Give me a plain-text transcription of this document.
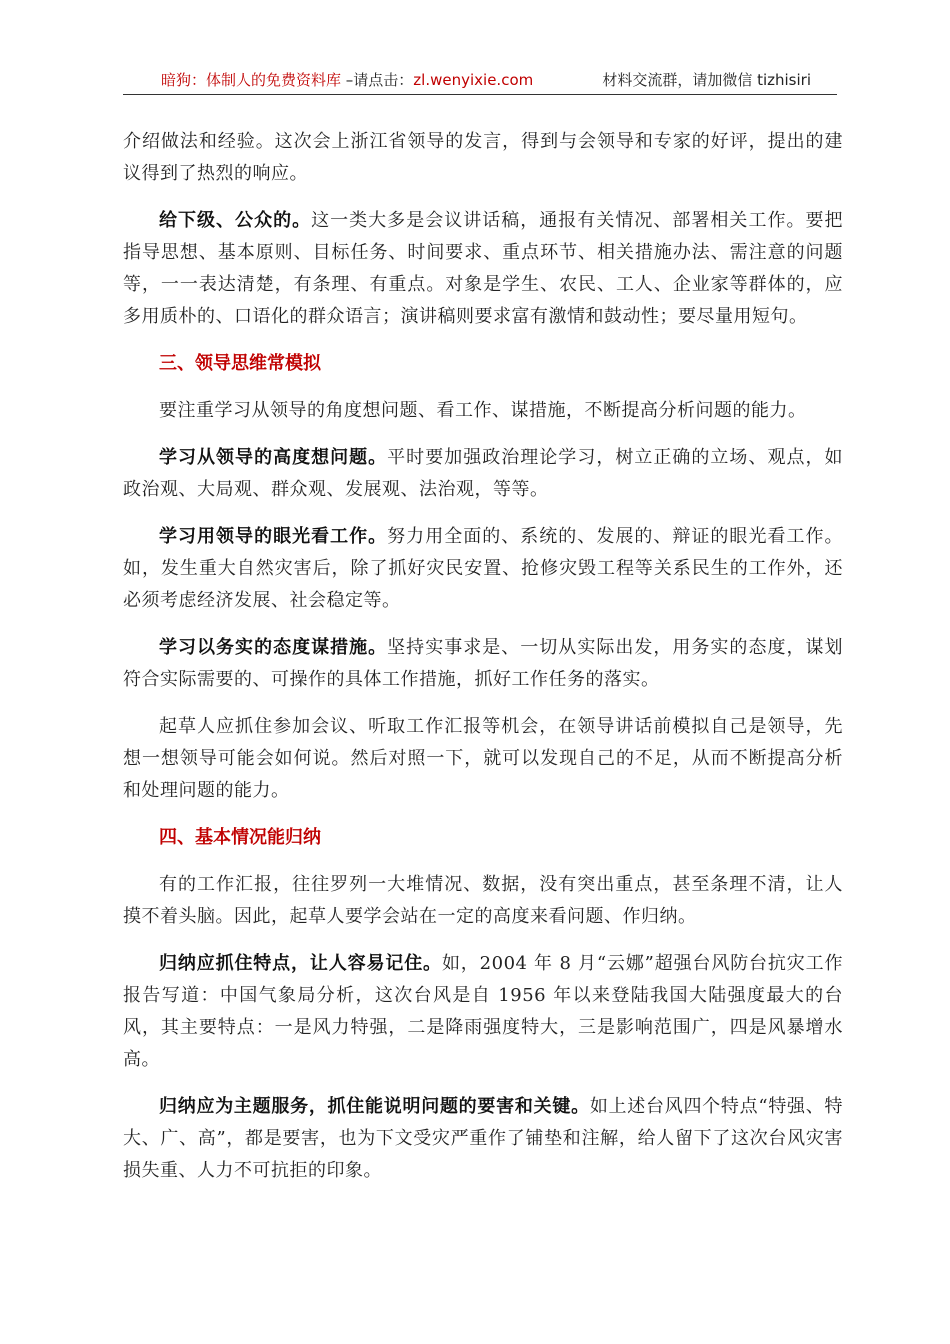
暗狗：体制人的免费资料库 –请点击：zl.wenyixie.com	材料交流群，请加微信 tizhisiri

介绍做法和经验。这次会上浙江省领导的发言，得到与会领导和专家的好评，提出的建议得到了热烈的响应。

给下级、公众的。这一类大多是会议讲话稿，通报有关情况、部署相关工作。要把指导思想、基本原则、目标任务、时间要求、重点环节、相关措施办法、需注意的问题等，一一表达清楚，有条理、有重点。对象是学生、农民、工人、企业家等群体的，应多用质朴的、口语化的群众语言；演讲稿则要求富有激情和鼓动性；要尽量用短句。

三、领导思维常模拟

要注重学习从领导的角度想问题、看工作、谋措施，不断提高分析问题的能力。

学习从领导的高度想问题。平时要加强政治理论学习，树立正确的立场、观点，如政治观、大局观、群众观、发展观、法治观，等等。

学习用领导的眼光看工作。努力用全面的、系统的、发展的、辩证的眼光看工作。如，发生重大自然灾害后，除了抓好灾民安置、抢修灾毁工程等关系民生的工作外，还必须考虑经济发展、社会稳定等。

学习以务实的态度谋措施。坚持实事求是、一切从实际出发，用务实的态度，谋划符合实际需要的、可操作的具体工作措施，抓好工作任务的落实。

起草人应抓住参加会议、听取工作汇报等机会，在领导讲话前模拟自己是领导，先想一想领导可能会如何说。然后对照一下，就可以发现自己的不足，从而不断提高分析和处理问题的能力。

四、基本情况能归纳

有的工作汇报，往往罗列一大堆情况、数据，没有突出重点，甚至条理不清，让人摸不着头脑。因此，起草人要学会站在一定的高度来看问题、作归纳。

归纳应抓住特点，让人容易记住。如，2004 年 8 月“云娜”超强台风防台抗灾工作报告写道：中国气象局分析，这次台风是自 1956 年以来登陆我国大陆强度最大的台风，其主要特点：一是风力特强，二是降雨强度特大，三是影响范围广，四是风暴增水高。

归纳应为主题服务，抓住能说明问题的要害和关键。如上述台风四个特点“特强、特大、广、高”，都是要害，也为下文受灾严重作了铺垫和注解，给人留下了这次台风灾害损失重、人力不可抗拒的印象。
